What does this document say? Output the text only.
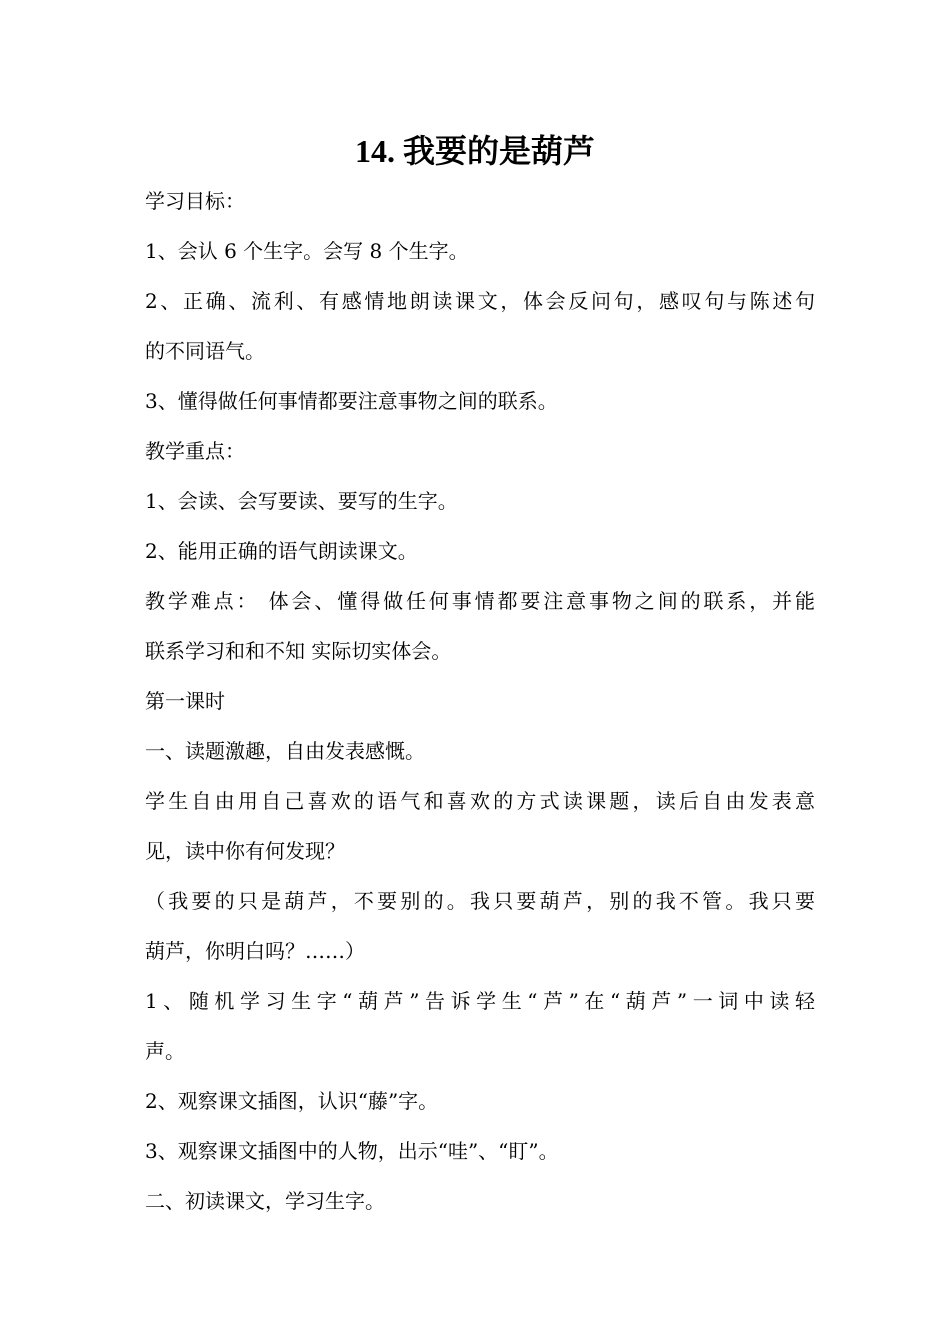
14. 我要的是葫芦
学习目标：
1、会认 6 个生字。会写 8 个生字。
2、正确、流利、有感情地朗读课文，体会反问句，感叹句与陈述句
的不同语气。
3、懂得做任何事情都要注意事物之间的联系。
教学重点：
1、会读、会写要读、要写的生字。
2、能用正确的语气朗读课文。
教学难点： 体会、懂得做任何事情都要注意事物之间的联系，并能
联系学习和和不知 实际切实体会。
第一课时
一、读题激趣，自由发表感慨。
学生自由用自己喜欢的语气和喜欢的方式读课题，读后自由发表意
见，读中你有何发现？
（我要的只是葫芦，不要别的。我只要葫芦，别的我不管。我只要
葫芦，你明白吗？……）
1、随机学习生字“葫芦”告诉学生“芦”在“葫芦”一词中读轻
声。
2、观察课文插图，认识“藤”字。
3、观察课文插图中的人物，出示“哇”、“盯”。
二、初读课文，学习生字。
